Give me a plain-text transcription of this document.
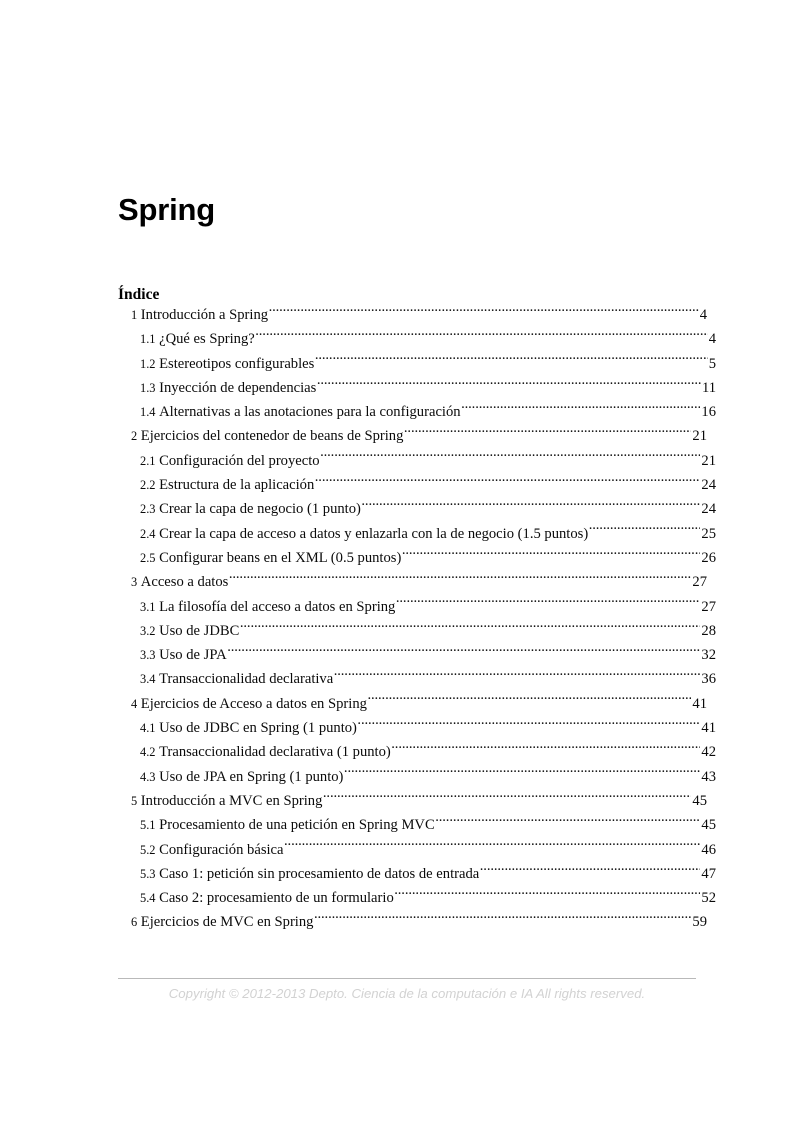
Spring
Índice
1 Introducción a Spring .....	4
1.1 ¿Qué es Spring? .....	4
1.2 Estereotipos configurables .....	5
1.3 Inyección de dependencias .....	11
1.4 Alternativas a las anotaciones para la configuración .....	16
2 Ejercicios del contenedor de beans de Spring .....	21
2.1 Configuración del proyecto .....	21
2.2 Estructura de la aplicación .....	24
2.3 Crear la capa de negocio (1 punto) .....	24
2.4 Crear la capa de acceso a datos y enlazarla con la de negocio (1.5 puntos) .....	25
2.5 Configurar beans en el XML (0.5 puntos) .....	26
3 Acceso a datos .....	27
3.1 La filosofía del acceso a datos en Spring .....	27
3.2 Uso de JDBC .....	28
3.3 Uso de JPA .....	32
3.4 Transaccionalidad declarativa .....	36
4 Ejercicios de Acceso a datos en Spring .....	41
4.1 Uso de JDBC en Spring (1 punto) .....	41
4.2 Transaccionalidad declarativa (1 punto) .....	42
4.3 Uso de JPA en Spring (1 punto) .....	43
5 Introducción a MVC en Spring .....	45
5.1 Procesamiento de una petición en Spring MVC .....	45
5.2 Configuración básica .....	46
5.3 Caso 1: petición sin procesamiento de datos de entrada .....	47
5.4 Caso 2: procesamiento de un formulario .....	52
6 Ejercicios de MVC en Spring .....	59
Copyright © 2012-2013 Depto. Ciencia de la computación e IA All rights reserved.
